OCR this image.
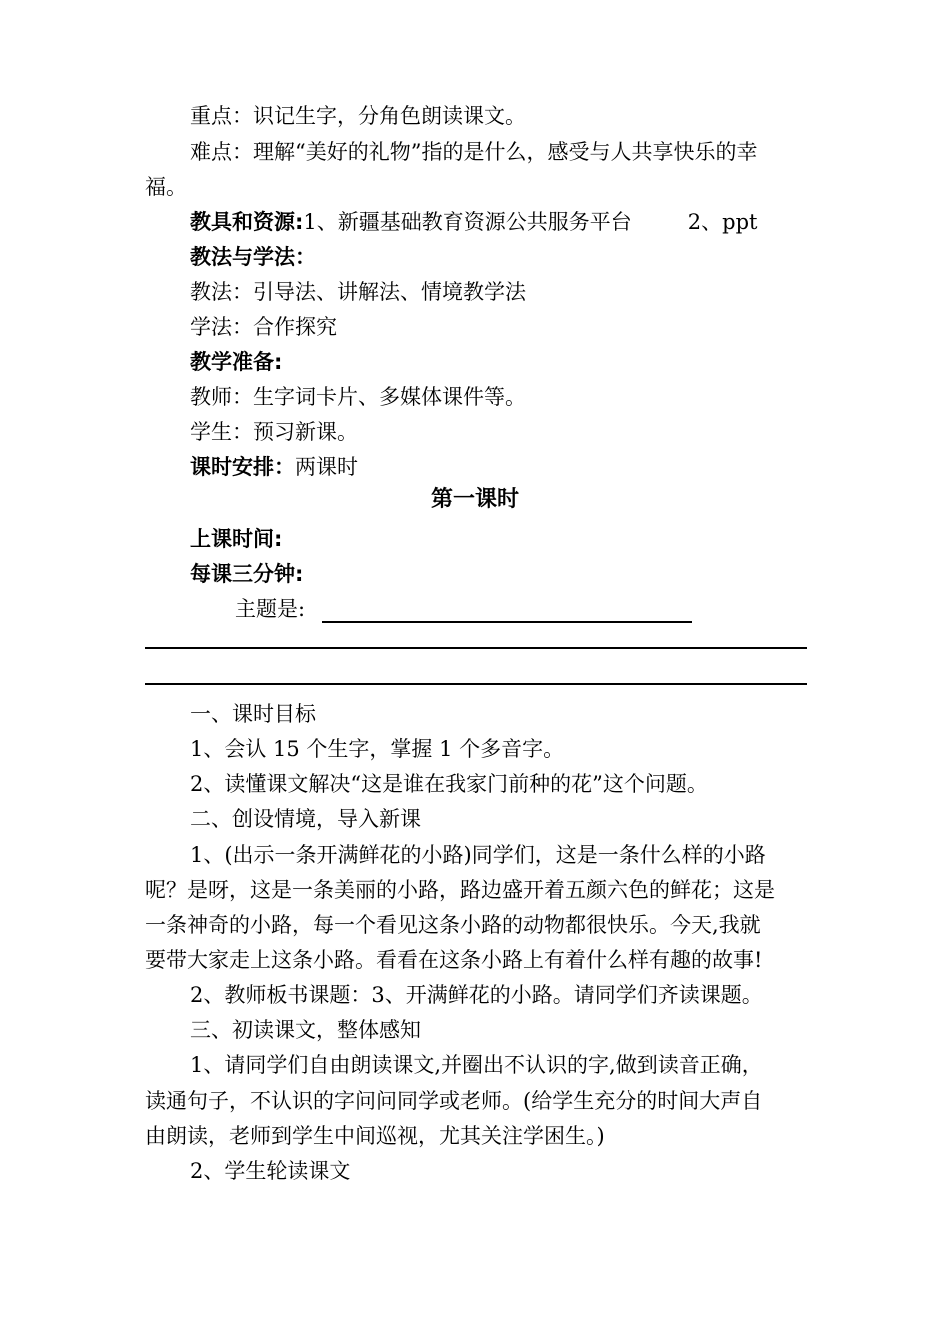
重点：识记生字，分角色朗读课文。
难点：理解“美好的礼物”指的是什么，感受与人共享快乐的幸
福。
教具和资源:1、新疆基础教育资源公共服务平台	2、ppt
教法与学法：
教法：引导法、讲解法、情境教学法
学法：合作探究
教学准备:
教师：生字词卡片、多媒体课件等。
学生：预习新课。
课时安排：两课时
第一课时
上课时间:
每课三分钟:
主题是:
一、课时目标
1、会认 15 个生字，掌握 1 个多音字。
2、读懂课文解决“这是谁在我家门前种的花”这个问题。
二、创设情境，导入新课
1、(出示一条开满鲜花的小路)同学们，这是一条什么样的小路
呢？是呀，这是一条美丽的小路，路边盛开着五颜六色的鲜花；这是
一条神奇的小路，每一个看见这条小路的动物都很快乐。今天,我就
要带大家走上这条小路。看看在这条小路上有着什么样有趣的故事!
2、教师板书课题：3、开满鲜花的小路。请同学们齐读课题。
三、初读课文，整体感知
1、请同学们自由朗读课文,并圈出不认识的字,做到读音正确，
读通句子，不认识的字问问同学或老师。(给学生充分的时间大声自
由朗读，老师到学生中间巡视，尤其关注学困生。)
2、学生轮读课文
